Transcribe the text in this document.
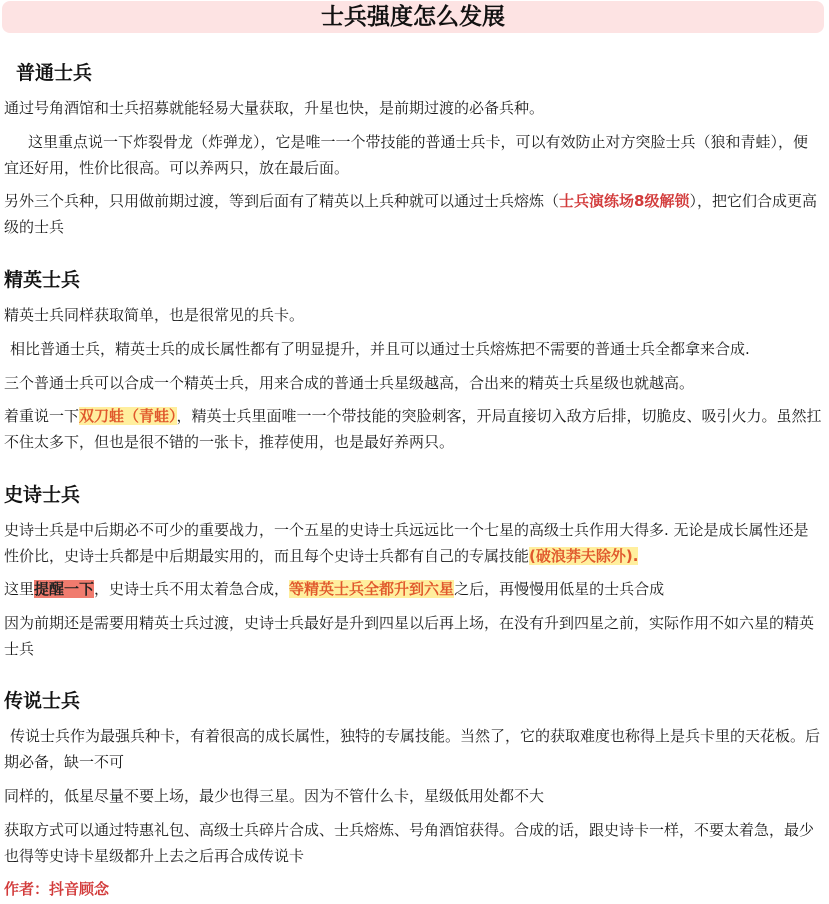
士兵强度怎么发展
普通士兵

通过号角酒馆和士兵招募就能轻易大量获取，升星也快，是前期过渡的必备兵种。

这里重点说一下炸裂骨龙（炸弹龙），它是唯一一个带技能的普通士兵卡，可以有效防止对方突脸士兵（狼和青蛙），便宜还好用，性价比很高。可以养两只，放在最后面。

另外三个兵种，只用做前期过渡，等到后面有了精英以上兵种就可以通过士兵熔炼（士兵演练场8级解锁），把它们合成更高级的士兵

精英士兵

精英士兵同样获取简单，也是很常见的兵卡。

相比普通士兵，精英士兵的成长属性都有了明显提升，并且可以通过士兵熔炼把不需要的普通士兵全都拿来合成.

三个普通士兵可以合成一个精英士兵，用来合成的普通士兵星级越高，合出来的精英士兵星级也就越高。

着重说一下双刀蛙（青蛙），精英士兵里面唯一一个带技能的突脸刺客，开局直接切入敌方后排，切脆皮、吸引火力。虽然扛不住太多下，但也是很不错的一张卡，推荐使用，也是最好养两只。

史诗士兵

史诗士兵是中后期必不可少的重要战力，一个五星的史诗士兵远远比一个七星的高级士兵作用大得多. 无论是成长属性还是性价比，史诗士兵都是中后期最实用的，而且每个史诗士兵都有自己的专属技能(破浪莽夫除外).

这里提醒一下，史诗士兵不用太着急合成，等精英士兵全都升到六星之后，再慢慢用低星的士兵合成

因为前期还是需要用精英士兵过渡，史诗士兵最好是升到四星以后再上场，在没有升到四星之前，实际作用不如六星的精英士兵

传说士兵

传说士兵作为最强兵种卡，有着很高的成长属性，独特的专属技能。当然了，它的获取难度也称得上是兵卡里的天花板。后期必备，缺一不可

同样的，低星尽量不要上场，最少也得三星。因为不管什么卡，星级低用处都不大

获取方式可以通过特惠礼包、高级士兵碎片合成、士兵熔炼、号角酒馆获得。合成的话，跟史诗卡一样，不要太着急，最少也得等史诗卡星级都升上去之后再合成传说卡

作者：抖音顾念
